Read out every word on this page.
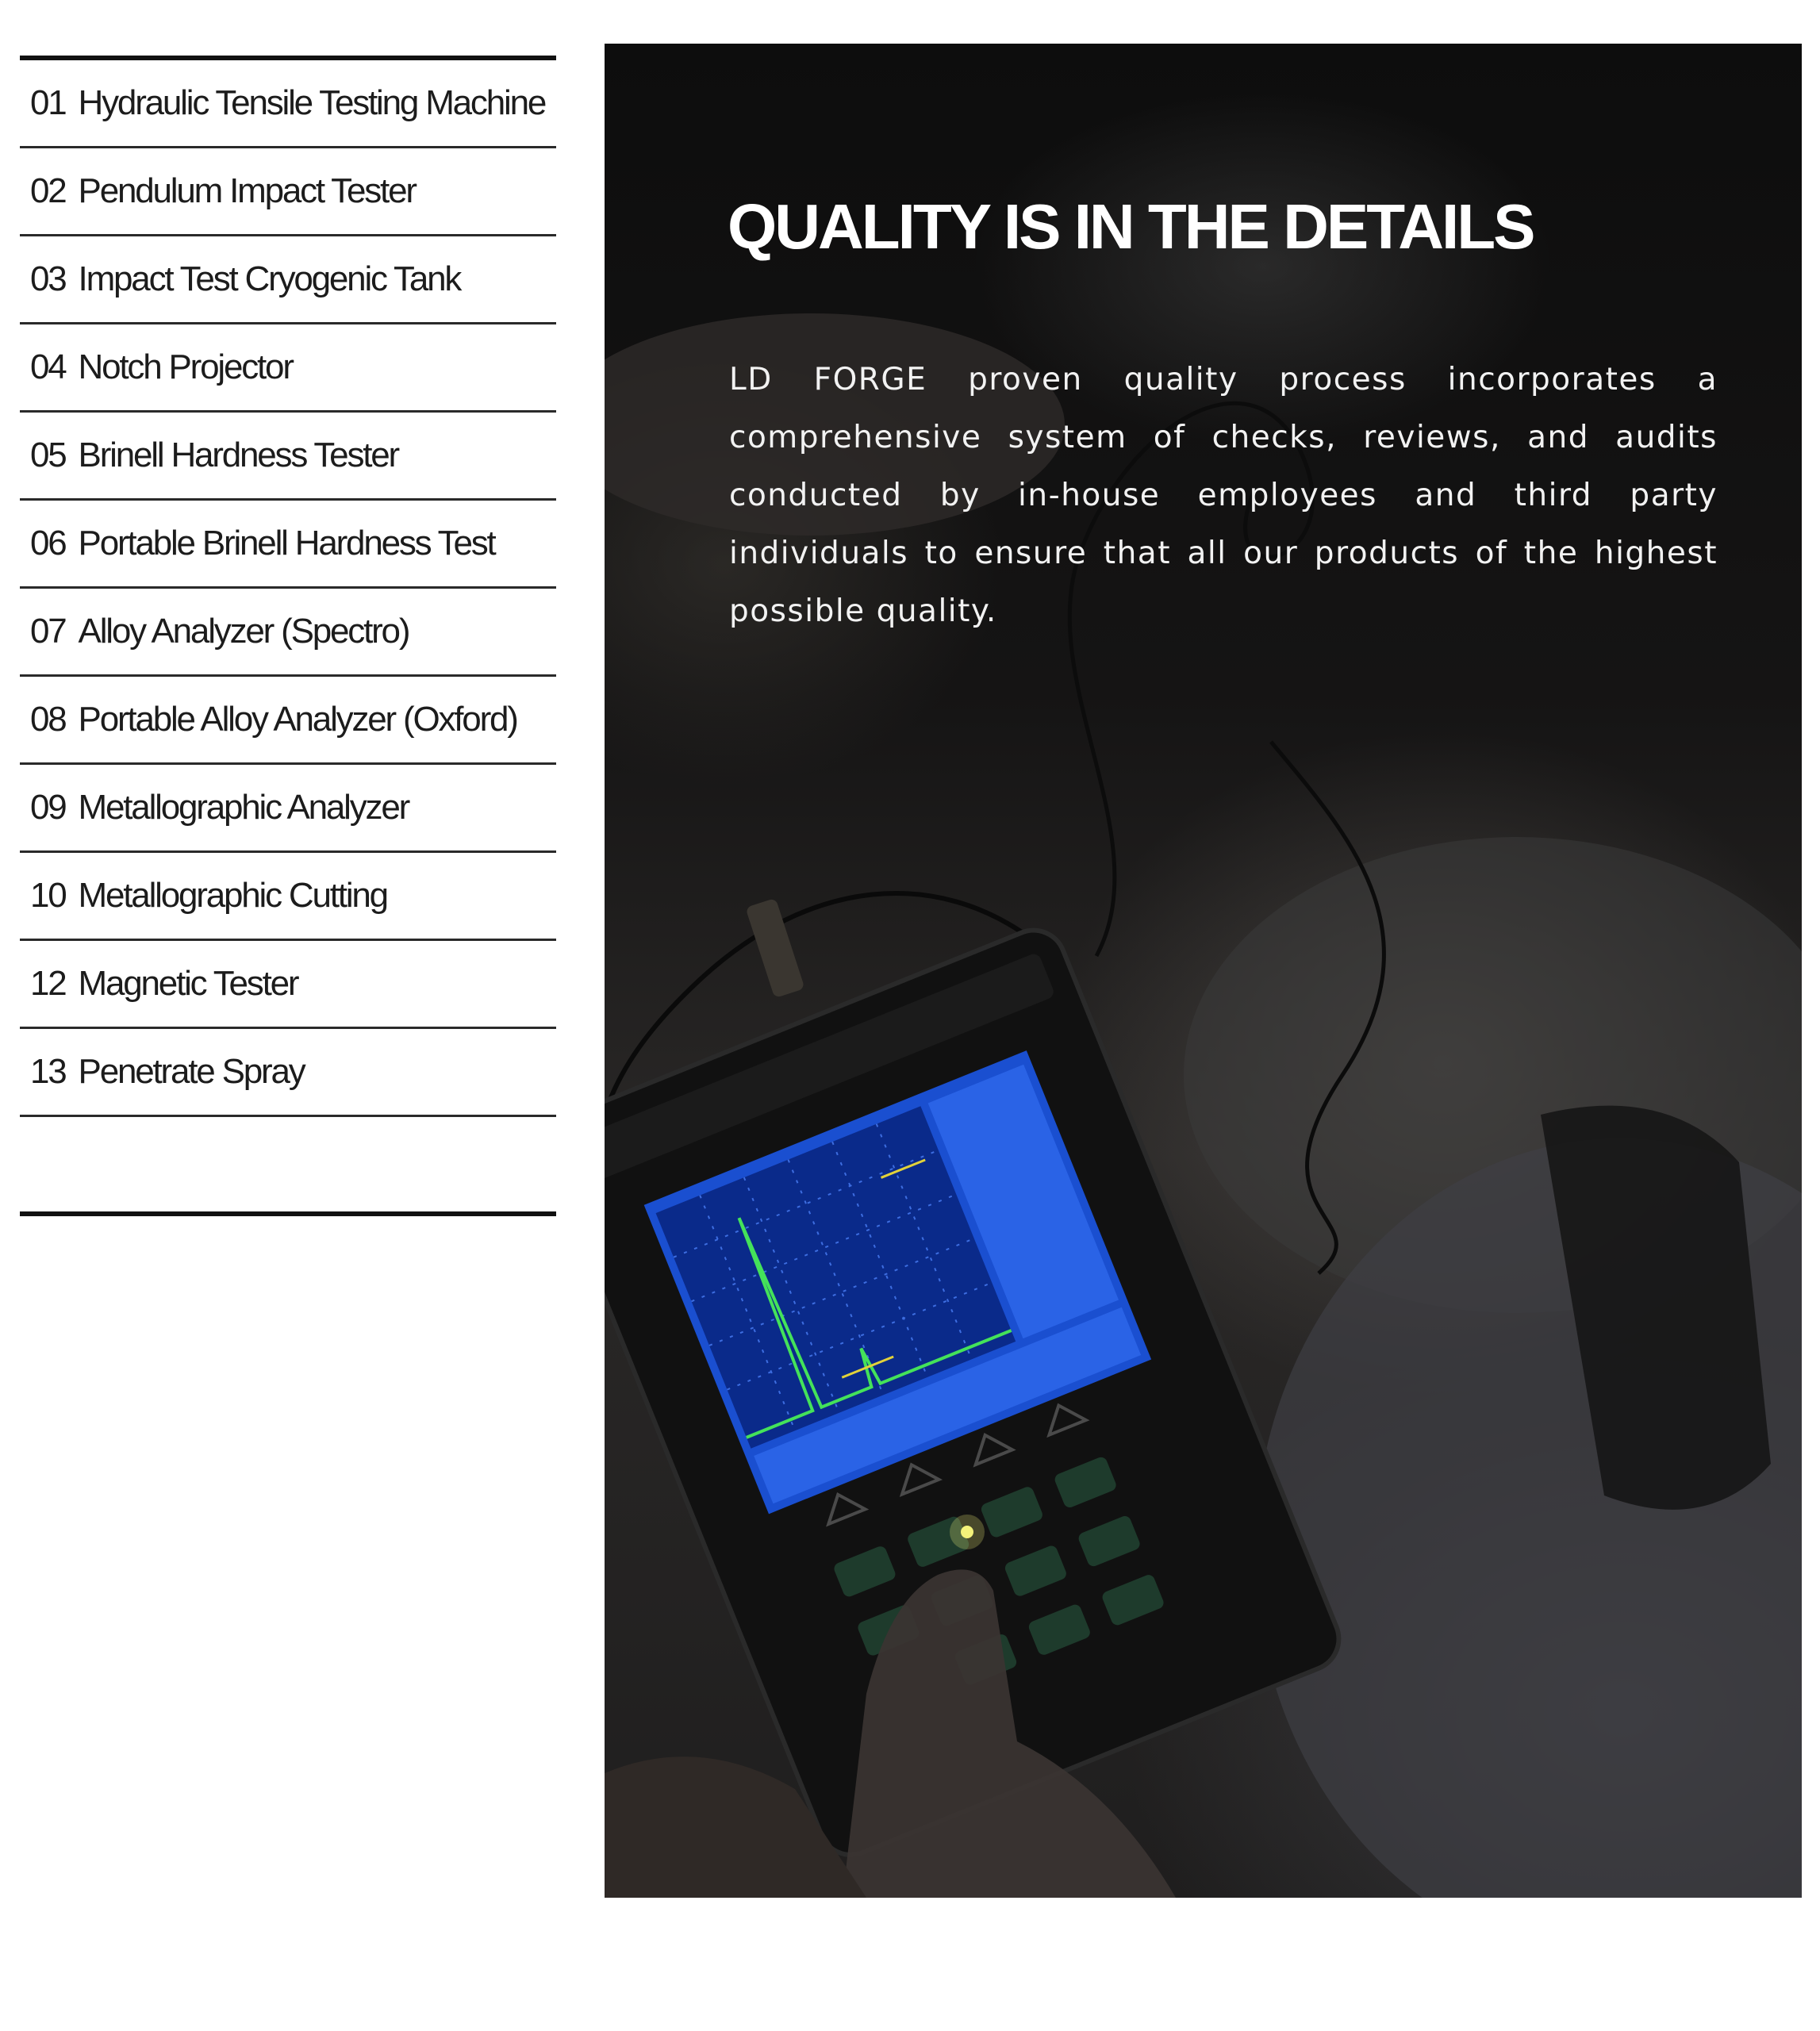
01 Hydraulic Tensile Testing Machine
02 Pendulum Impact Tester
03 Impact Test Cryogenic Tank
04 Notch Projector
05 Brinell Hardness Tester
06 Portable Brinell Hardness Test
07 Alloy Analyzer (Spectro)
08 Portable Alloy Analyzer (Oxford)
09 Metallographic Analyzer
10 Metallographic Cutting
12 Magnetic Tester
13 Penetrate Spray
QUALITY IS IN THE DETAILS

LD FORGE proven quality process incorporates a comprehensive system of checks, reviews, and audits conducted by in-house employees and third party individuals to ensure that all our products of the highest possible quality.
